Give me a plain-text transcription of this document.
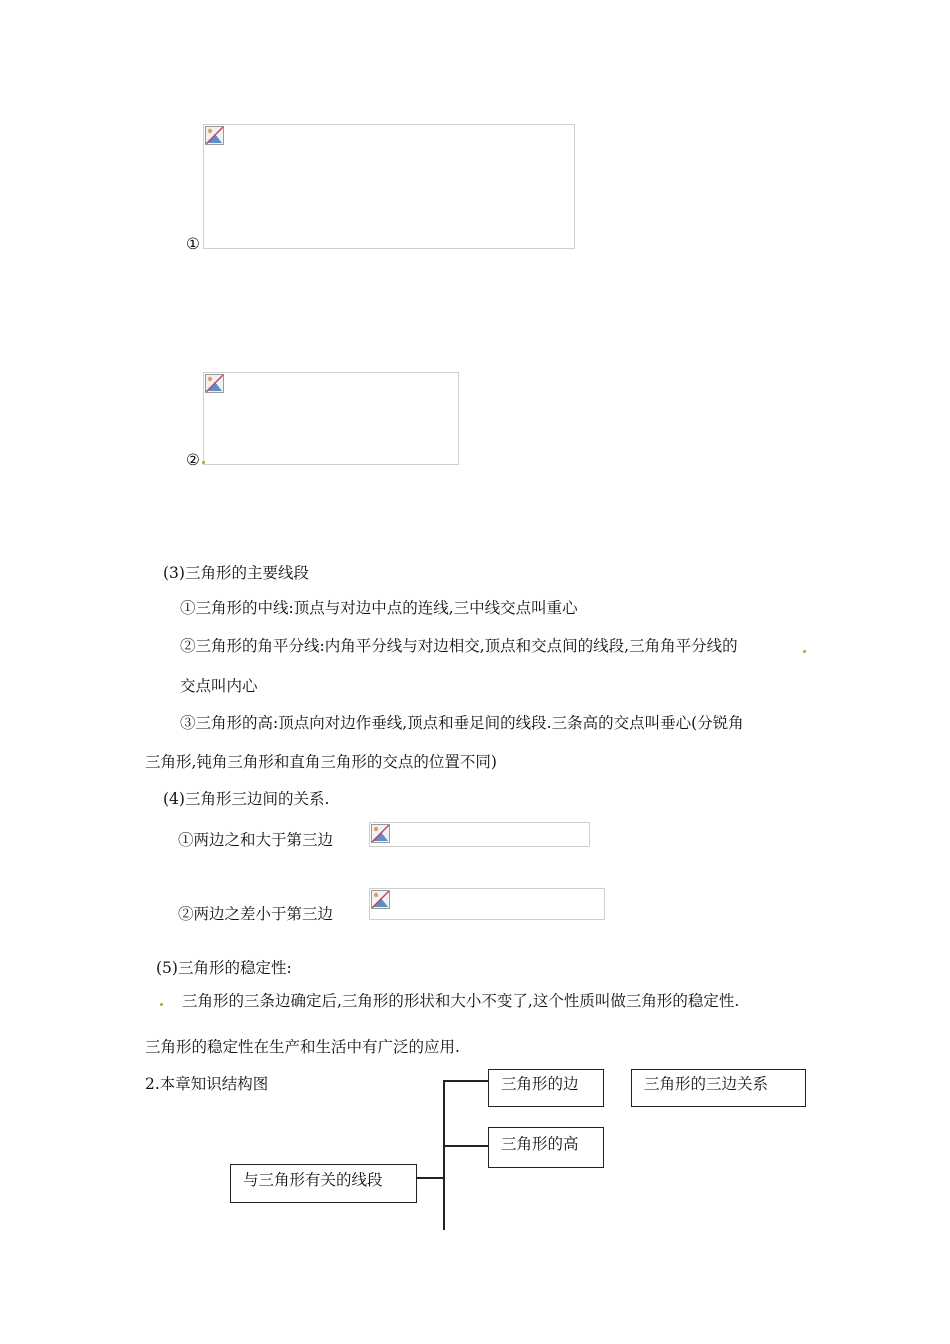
①
②
(3)三角形的主要线段
①三角形的中线:顶点与对边中点的连线,三中线交点叫重心
②三角形的角平分线:内角平分线与对边相交,顶点和交点间的线段,三角角平分线的
交点叫内心
③三角形的高:顶点向对边作垂线,顶点和垂足间的线段.三条高的交点叫垂心(分锐角
三角形,钝角三角形和直角三角形的交点的位置不同)
(4)三角形三边间的关系.
①两边之和大于第三边
②两边之差小于第三边
(5)三角形的稳定性:
三角形的三条边确定后,三角形的形状和大小不变了,这个性质叫做三角形的稳定性.
三角形的稳定性在生产和生活中有广泛的应用.
2.本章知识结构图	三角形的边	三角形的三边关系
三角形的高
与三角形有关的线段
